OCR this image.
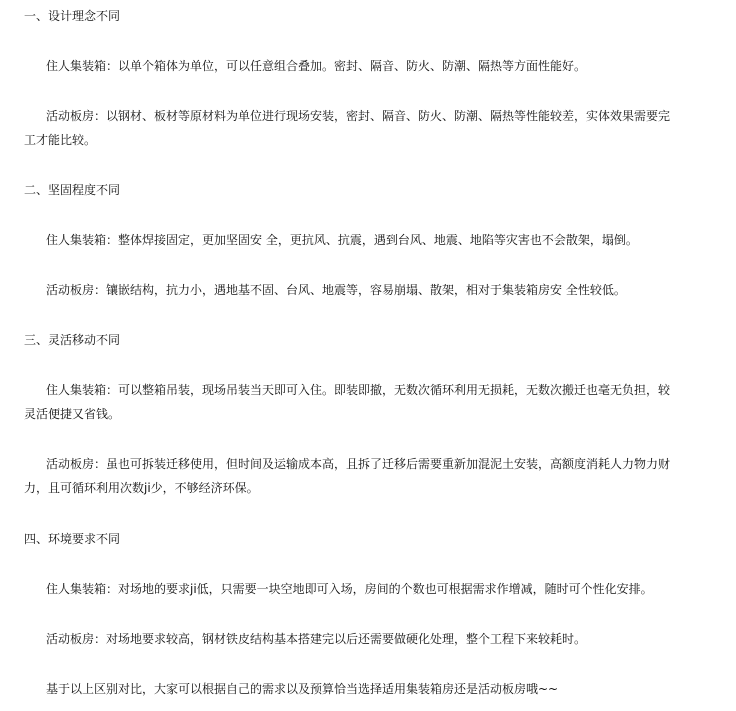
一、设计理念不同

住人集装箱：以单个箱体为单位，可以任意组合叠加。密封、隔音、防火、防潮、隔热等方面性能好。

活动板房：以钢材、板材等原材料为单位进行现场安装，密封、隔音、防火、防潮、隔热等性能较差，实体效果需要完

工才能比较。

二、坚固程度不同

住人集装箱：整体焊接固定，更加坚固安 全，更抗风、抗震，遇到台风、地震、地陷等灾害也不会散架，塌倒。

活动板房：镶嵌结构，抗力小，遇地基不固、台风、地震等，容易崩塌、散架，相对于集装箱房安 全性较低。

三、灵活移动不同

住人集装箱：可以整箱吊装，现场吊装当天即可入住。即装即撤，无数次循环利用无损耗，无数次搬迁也毫无负担，较

灵活便捷又省钱。

活动板房：虽也可拆装迁移使用，但时间及运输成本高，且拆了迁移后需要重新加混泥土安装，高额度消耗人力物力财

力，且可循环利用次数ji少，不够经济环保。

四、环境要求不同

住人集装箱：对场地的要求ji低，只需要一块空地即可入场，房间的个数也可根据需求作增减，随时可个性化安排。

活动板房：对场地要求较高，钢材铁皮结构基本搭建完以后还需要做硬化处理，整个工程下来较耗时。

基于以上区别对比，大家可以根据自己的需求以及预算恰当选择适用集装箱房还是活动板房哦~~
